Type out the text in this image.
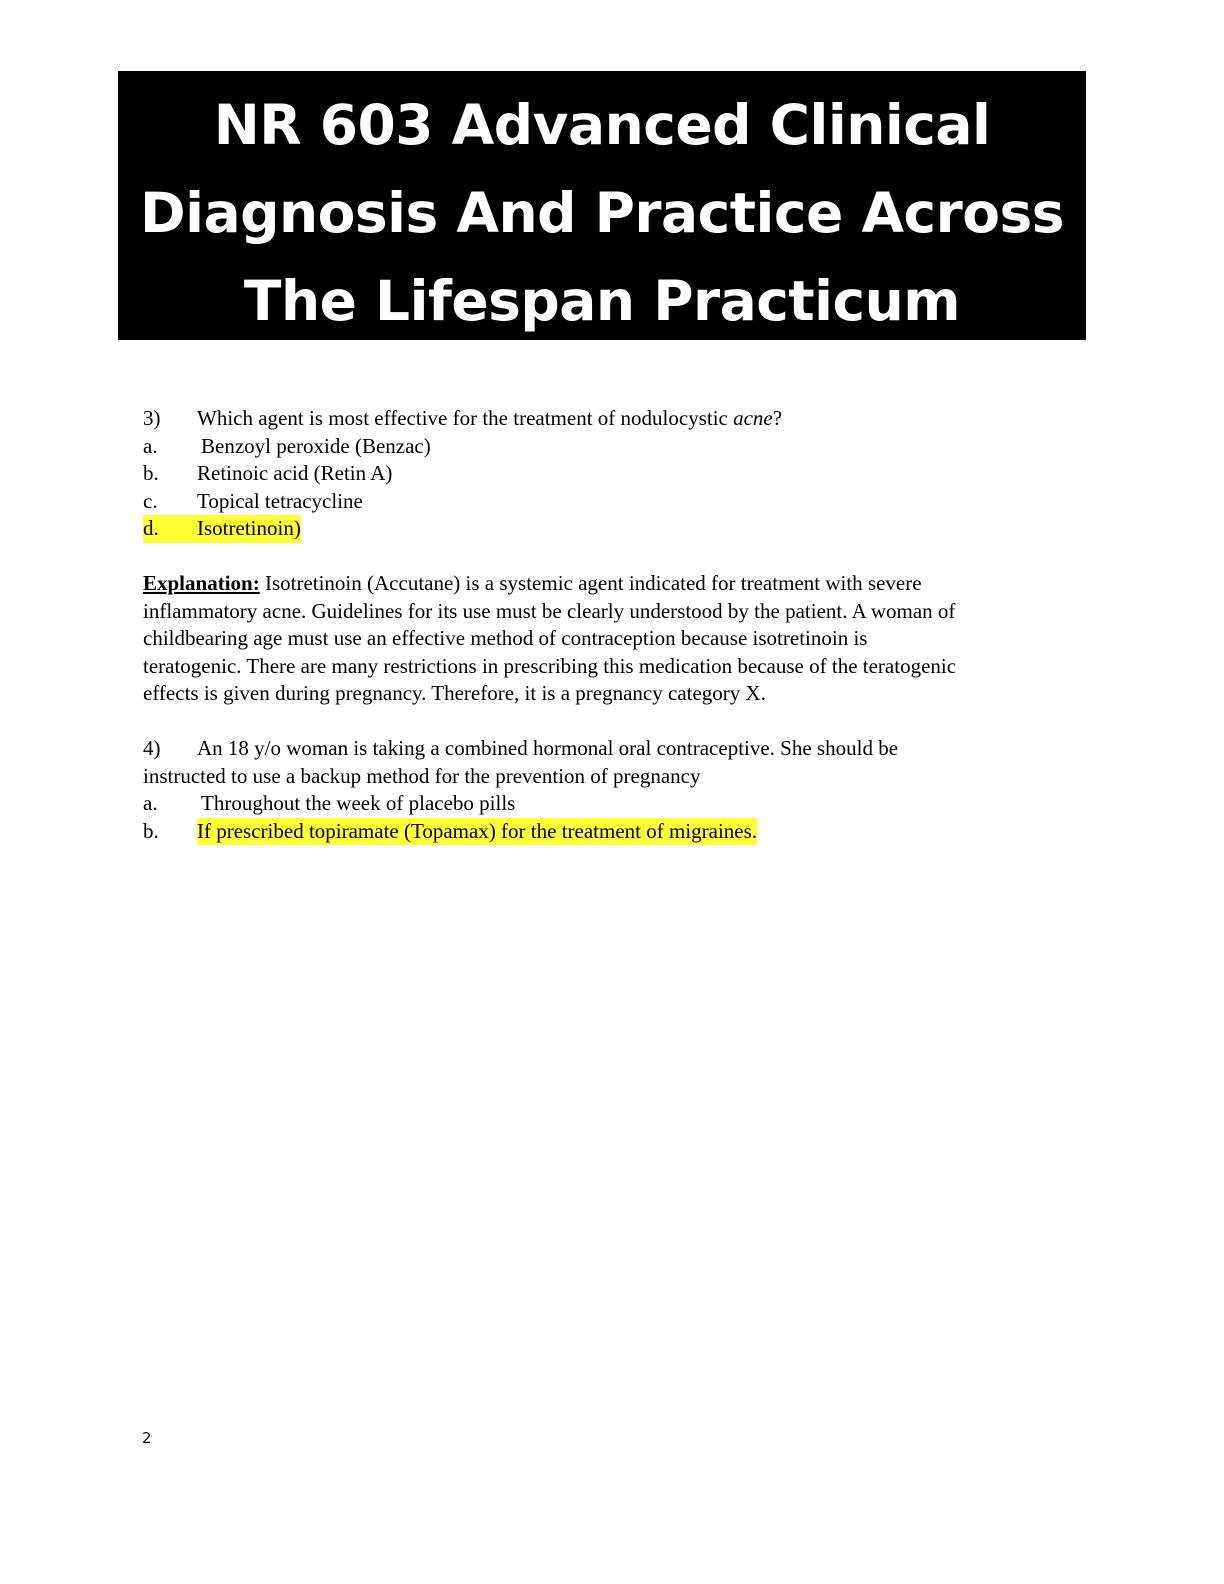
NR 603 Advanced Clinical
Diagnosis And Practice Across
The Lifespan Practicum
3) Which agent is most effective for the treatment of nodulocystic acne?
a. Benzoyl peroxide (Benzac)
b. Retinoic acid (Retin A)
c. Topical tetracycline
d.	Isotretinoin)
Explanation: Isotretinoin (Accutane) is a systemic agent indicated for treatment with severe
inflammatory acne. Guidelines for its use must be clearly understood by the patient. A woman of
childbearing age must use an effective method of contraception because isotretinoin is
teratogenic. There are many restrictions in prescribing this medication because of the teratogenic
effects is given during pregnancy. Therefore, it is a pregnancy category X.
4) An 18 y/o woman is taking a combined hormonal oral contraceptive. She should be
instructed to use a backup method for the prevention of pregnancy
a. Throughout the week of placebo pills
b. If prescribed topiramate (Topamax) for the treatment of migraines.
2
